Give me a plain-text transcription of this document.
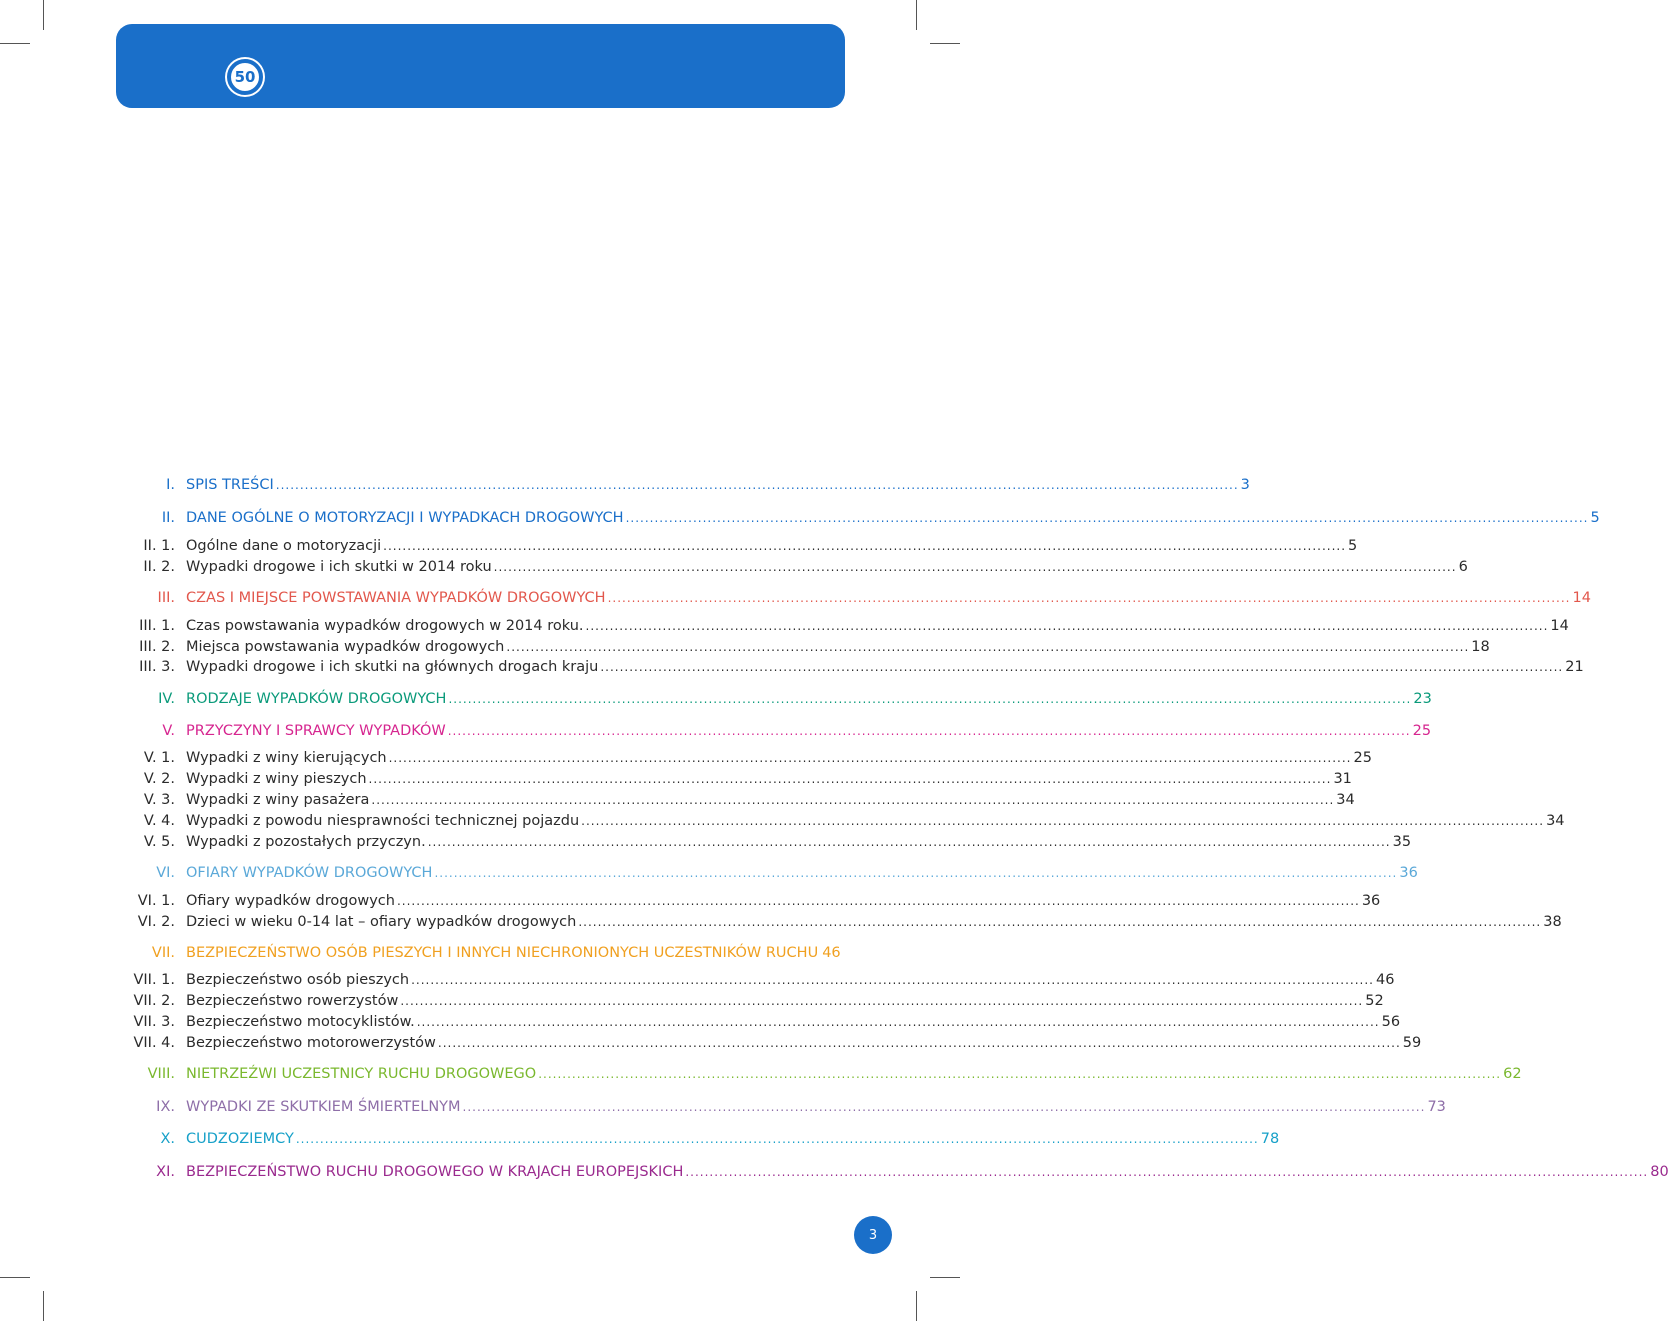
50
I. SPIS TREŚCI ........................................................................................................................................................................................................ 3
II. DANE OGÓLNE O MOTORYZACJI I WYPADKACH DROGOWYCH ........................................................................................................................................................................................................ 5
II. 1. Ogólne dane o motoryzacji ........................................................................................................................................................................................................ 5
II. 2. Wypadki drogowe i ich skutki w 2014 roku ........................................................................................................................................................................................................ 6
III. CZAS I MIEJSCE POWSTAWANIA WYPADKÓW DROGOWYCH ........................................................................................................................................................................................................ 14
III. 1. Czas powstawania wypadków drogowych w 2014 roku. ........................................................................................................................................................................................................ 14
III. 2. Miejsca powstawania wypadków drogowych ........................................................................................................................................................................................................ 18
III. 3. Wypadki drogowe i ich skutki na głównych drogach kraju ........................................................................................................................................................................................................ 21
IV. RODZAJE WYPADKÓW DROGOWYCH ........................................................................................................................................................................................................ 23
V. PRZYCZYNY I SPRAWCY WYPADKÓW ........................................................................................................................................................................................................ 25
V. 1. Wypadki z winy kierujących ........................................................................................................................................................................................................ 25
V. 2. Wypadki z winy pieszych ........................................................................................................................................................................................................ 31
V. 3. Wypadki z winy pasażera ........................................................................................................................................................................................................ 34
V. 4. Wypadki z powodu niesprawności technicznej pojazdu ........................................................................................................................................................................................................ 34
V. 5. Wypadki z pozostałych przyczyn. ........................................................................................................................................................................................................ 35
VI. OFIARY WYPADKÓW DROGOWYCH ........................................................................................................................................................................................................ 36
VI. 1. Ofiary wypadków drogowych ........................................................................................................................................................................................................ 36
VI. 2. Dzieci w wieku 0-14 lat – ofiary wypadków drogowych ........................................................................................................................................................................................................ 38
VII. BEZPIECZEŃSTWO OSÓB PIESZYCH I INNYCH NIECHRONIONYCH UCZESTNIKÓW RUCHU 46
VII. 1. Bezpieczeństwo osób pieszych ........................................................................................................................................................................................................ 46
VII. 2. Bezpieczeństwo rowerzystów ........................................................................................................................................................................................................ 52
VII. 3. Bezpieczeństwo motocyklistów. ........................................................................................................................................................................................................ 56
VII. 4. Bezpieczeństwo motorowerzystów ........................................................................................................................................................................................................ 59
VIII. NIETRZEŹWI UCZESTNICY RUCHU DROGOWEGO ........................................................................................................................................................................................................ 62
IX. WYPADKI ZE SKUTKIEM ŚMIERTELNYM ........................................................................................................................................................................................................ 73
X. CUDZOZIEMCY ........................................................................................................................................................................................................ 78
XI. BEZPIECZEŃSTWO RUCHU DROGOWEGO W KRAJACH EUROPEJSKICH ........................................................................................................................................................................................................ 80
3
